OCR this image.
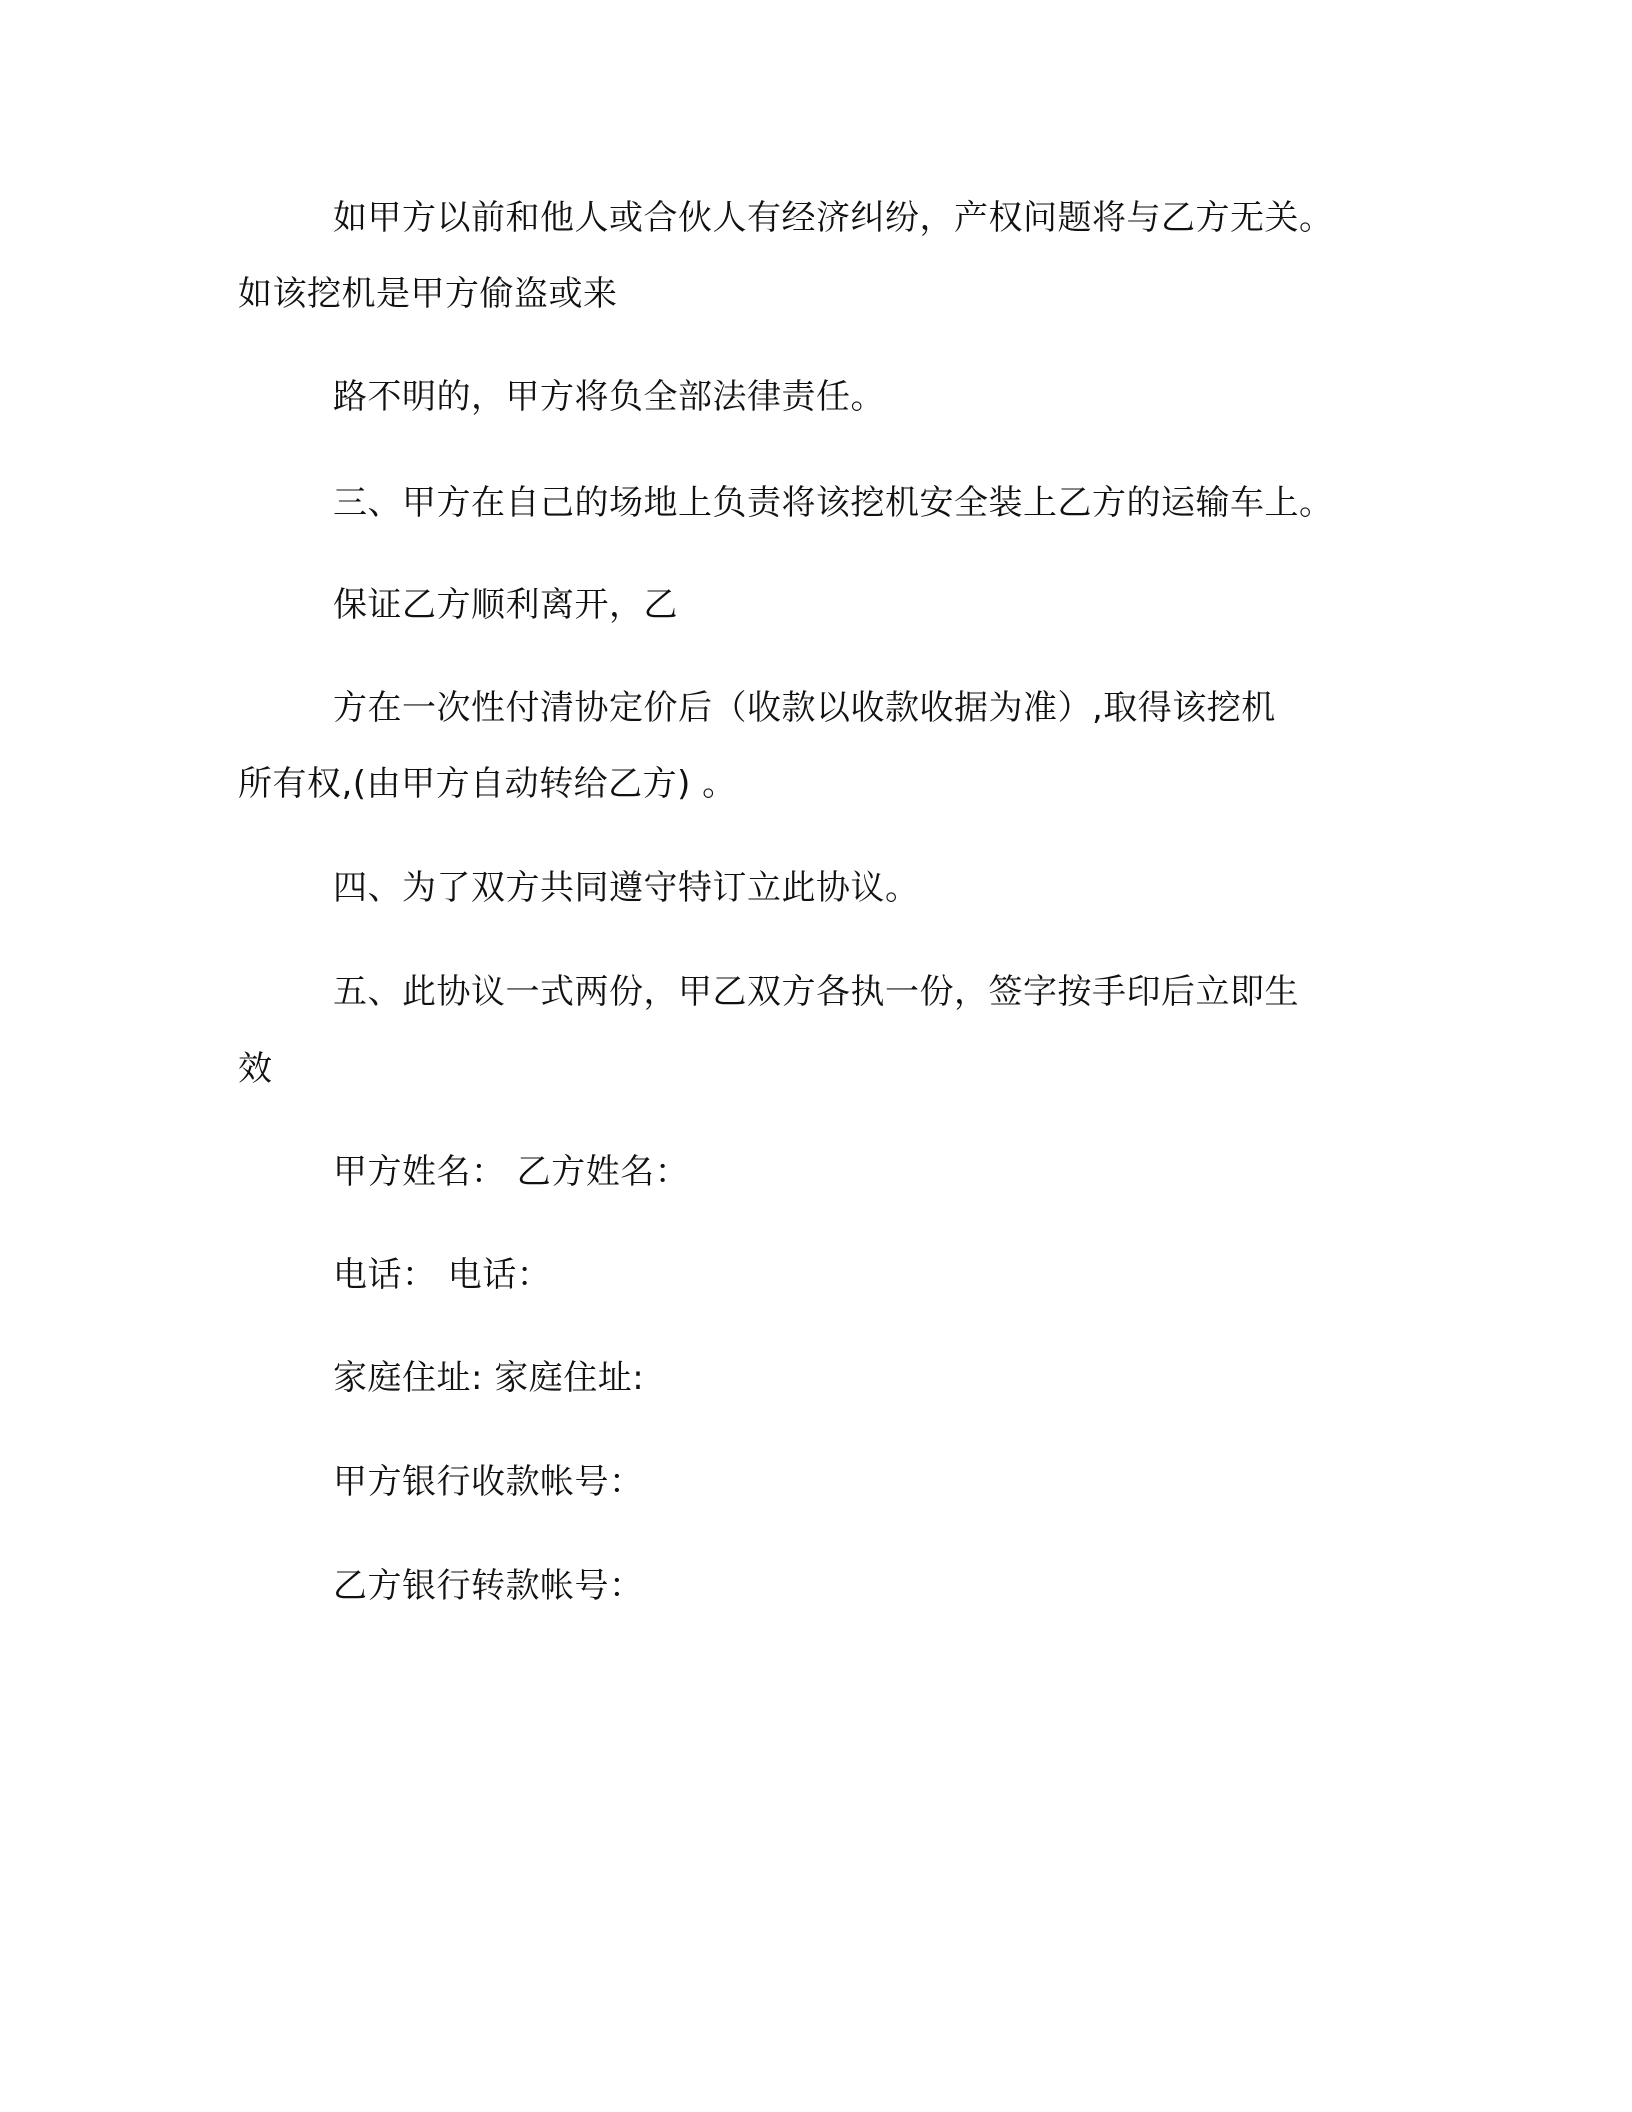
如甲方以前和他人或合伙人有经济纠纷，产权问题将与乙方无关。
如该挖机是甲方偷盗或来
路不明的，甲方将负全部法律责任。
三、甲方在自己的场地上负责将该挖机安全装上乙方的运输车上。
保证乙方顺利离开，乙
方在一次性付清协定价后（收款以收款收据为准）,取得该挖机
所有权,(由甲方自动转给乙方) 。
四、为了双方共同遵守特订立此协议。
五、此协议一式两份，甲乙双方各执一份，签字按手印后立即生
效
甲方姓名： 乙方姓名：
电话： 电话：
家庭住址: 家庭住址:
甲方银行收款帐号：
乙方银行转款帐号：
